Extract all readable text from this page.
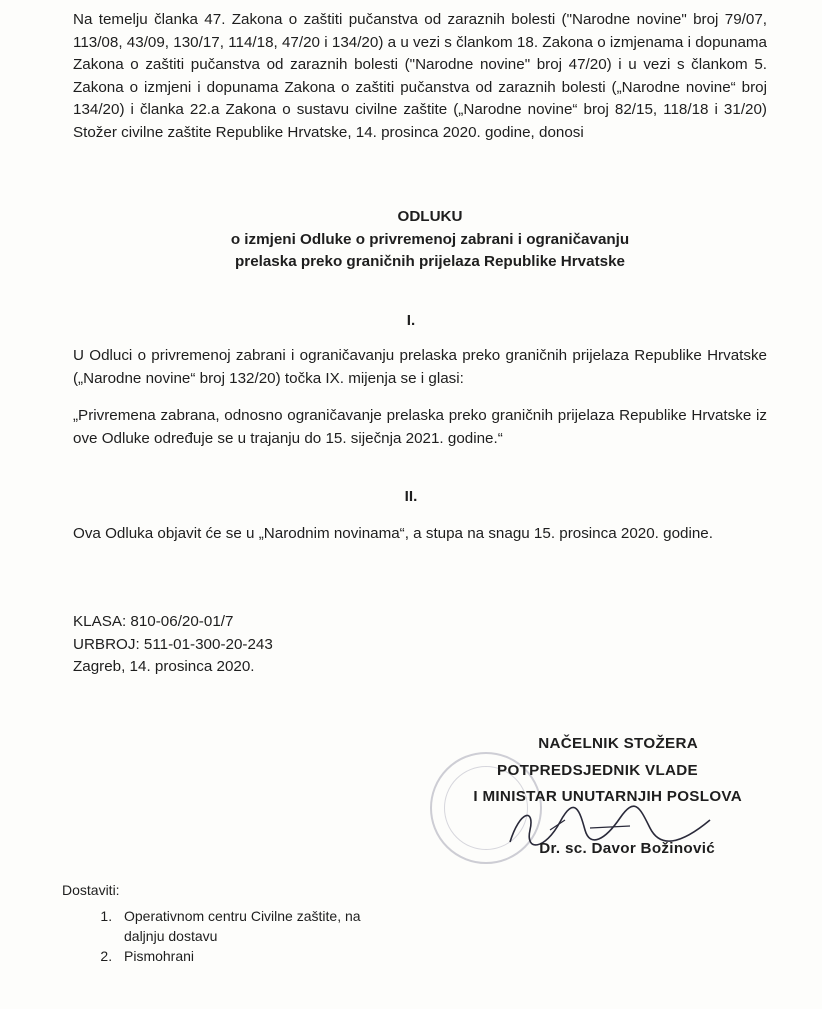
Na temelju članka 47. Zakona o zaštiti pučanstva od zaraznih bolesti ("Narodne novine" broj 79/07, 113/08, 43/09, 130/17, 114/18, 47/20 i 134/20) a u vezi s člankom 18. Zakona o izmjenama i dopunama Zakona o zaštiti pučanstva od zaraznih bolesti ("Narodne novine" broj 47/20) i u vezi s člankom 5. Zakona o izmjeni i dopunama Zakona o zaštiti pučanstva od zaraznih bolesti („Narodne novine“ broj 134/20) i članka 22.a Zakona o sustavu civilne zaštite („Narodne novine“ broj 82/15, 118/18 i 31/20) Stožer civilne zaštite Republike Hrvatske, 14. prosinca 2020. godine, donosi
ODLUKU
o izmjeni Odluke o privremenoj zabrani i ograničavanju
prelaska preko graničnih prijelaza Republike Hrvatske
I.
U Odluci o privremenoj zabrani i ograničavanju prelaska preko graničnih prijelaza Republike Hrvatske („Narodne novine“ broj 132/20) točka IX. mijenja se i glasi:
„Privremena zabrana, odnosno ograničavanje prelaska preko graničnih prijelaza Republike Hrvatske iz ove Odluke određuje se u trajanju do 15. siječnja 2021. godine.“
II.
Ova Odluka objavit će se u „Narodnim novinama“, a stupa na snagu 15. prosinca 2020. godine.
KLASA: 810-06/20-01/7
URBROJ: 511-01-300-20-243
Zagreb, 14. prosinca 2020.
NAČELNIK STOŽERA
POTPREDSJEDNIK VLADE
I MINISTAR UNUTARNJIH POSLOVA
Dr. sc. Davor Božinović
Dostaviti:
1. Operativnom centru Civilne zaštite, na daljnju dostavu
2. Pismohrani
